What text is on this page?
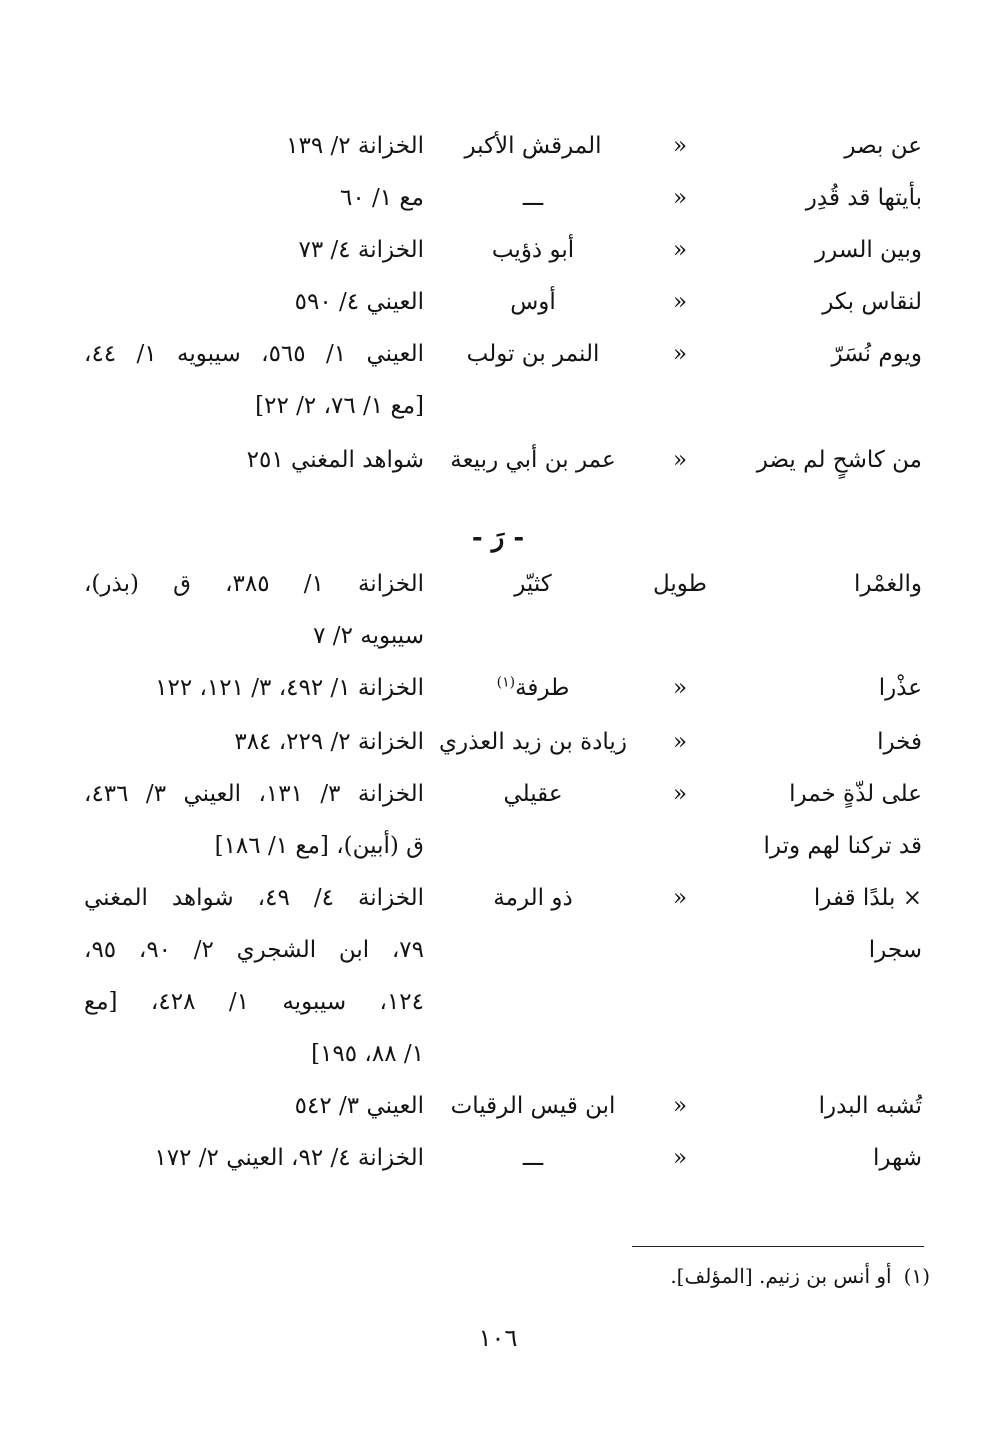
عن بصر
«
المرقش الأكبر
الخزانة ٢/ ١٣٩
بأيتها قد قُدِر
«
ـــ
مع ١/ ٦٠
وبين السرر
«
أبو ذؤيب
الخزانة ٤/ ٧٣
لنقاس بكر
«
أوس
العيني ٤/ ٥٩٠
ويوم نُسَرّ
«
النمر بن تولب
العيني ١/ ٥٦٥، سيبويه ١/ ٤٤،
[مع ١/ ٧٦، ٢/ ٢٢]
من كاشحٍ لم يضر
«
عمر بن أبي ربيعة
شواهد المغني ٢٥١
- رَ -
والغمْرا
طويل
كثيّر
الخزانة ١/ ٣٨٥، ق (بذر)،
سيبويه ٢/ ٧
عذْرا
«
طرفة$^{(١)}$
الخزانة ١/ ٤٩٢، ٣/ ١٢١، ١٢٢
فخرا
«
زيادة بن زيد العذري
الخزانة ٢/ ٢٢٩، ٣٨٤
على لذّةٍ خمرا
«
عقيلي
الخزانة ٣/ ١٣١، العيني ٣/ ٤٣٦،
قد تركنا لهم وترا
ق (أبين)، [مع ١/ ١٨٦]
× بلدًا قفرا
«
ذو الرمة
الخزانة ٤/ ٤٩، شواهد المغني
سجرا
٧٩، ابن الشجري ٢/ ٩٠، ٩٥،
١٢٤، سيبويه ١/ ٤٢٨، [مع
١/ ٨٨، ١٩٥]
تُشبه البدرا
«
ابن قيس الرقيات
العيني ٣/ ٥٤٢
شهرا
«
ـــ
الخزانة ٤/ ٩٢، العيني ٢/ ١٧٢
(١)أو أنس بن زنيم. [المؤلف].
١٠٦
